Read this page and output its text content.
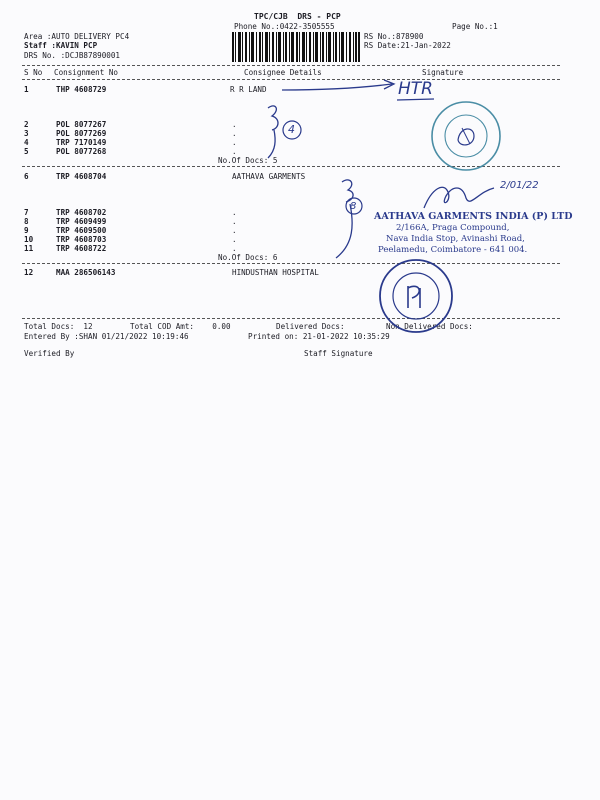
TPC/CJB  DRS - PCP
Phone No.:0422-3505555	Page No.:1
Area :AUTO DELIVERY PC4
Staff :KAVIN PCP
DRS No. :DCJB87890001
RS No.:878900
RS Date:21-Jan-2022
S No Consignment No	Consignee Details	Signature
1	THP 4608729	R R LAND
2	POL 8077267	.
3	POL 8077269	.
4	TRP 7170149	.
5	POL 8077268	.
No.Of Docs: 5
6	TRP 4608704	AATHAVA GARMENTS
7	TRP 4608702	.
8	TRP 4609499	.
9	TRP 4609500	.
10	TRP 4608703	.
11	TRP 4608722	.
No.Of Docs: 6
12	MAA 286506143	HINDUSTHAN HOSPITAL
Total Docs:  12	Total COD Amt:    0.00	Delivered Docs:	Non Delivered Docs:
Entered By :SHAN 01/21/2022 10:19:46	Printed on: 21-01-2022 10:35:29
Verified By	Staff Signature
HTR
4
8
2/01/22
AATHAVA GARMENTS INDIA (P) LTD
2/166A, Praga Compound,
Nava India Stop, Avinashi Road,
Peelamedu, Coimbatore - 641 004.
